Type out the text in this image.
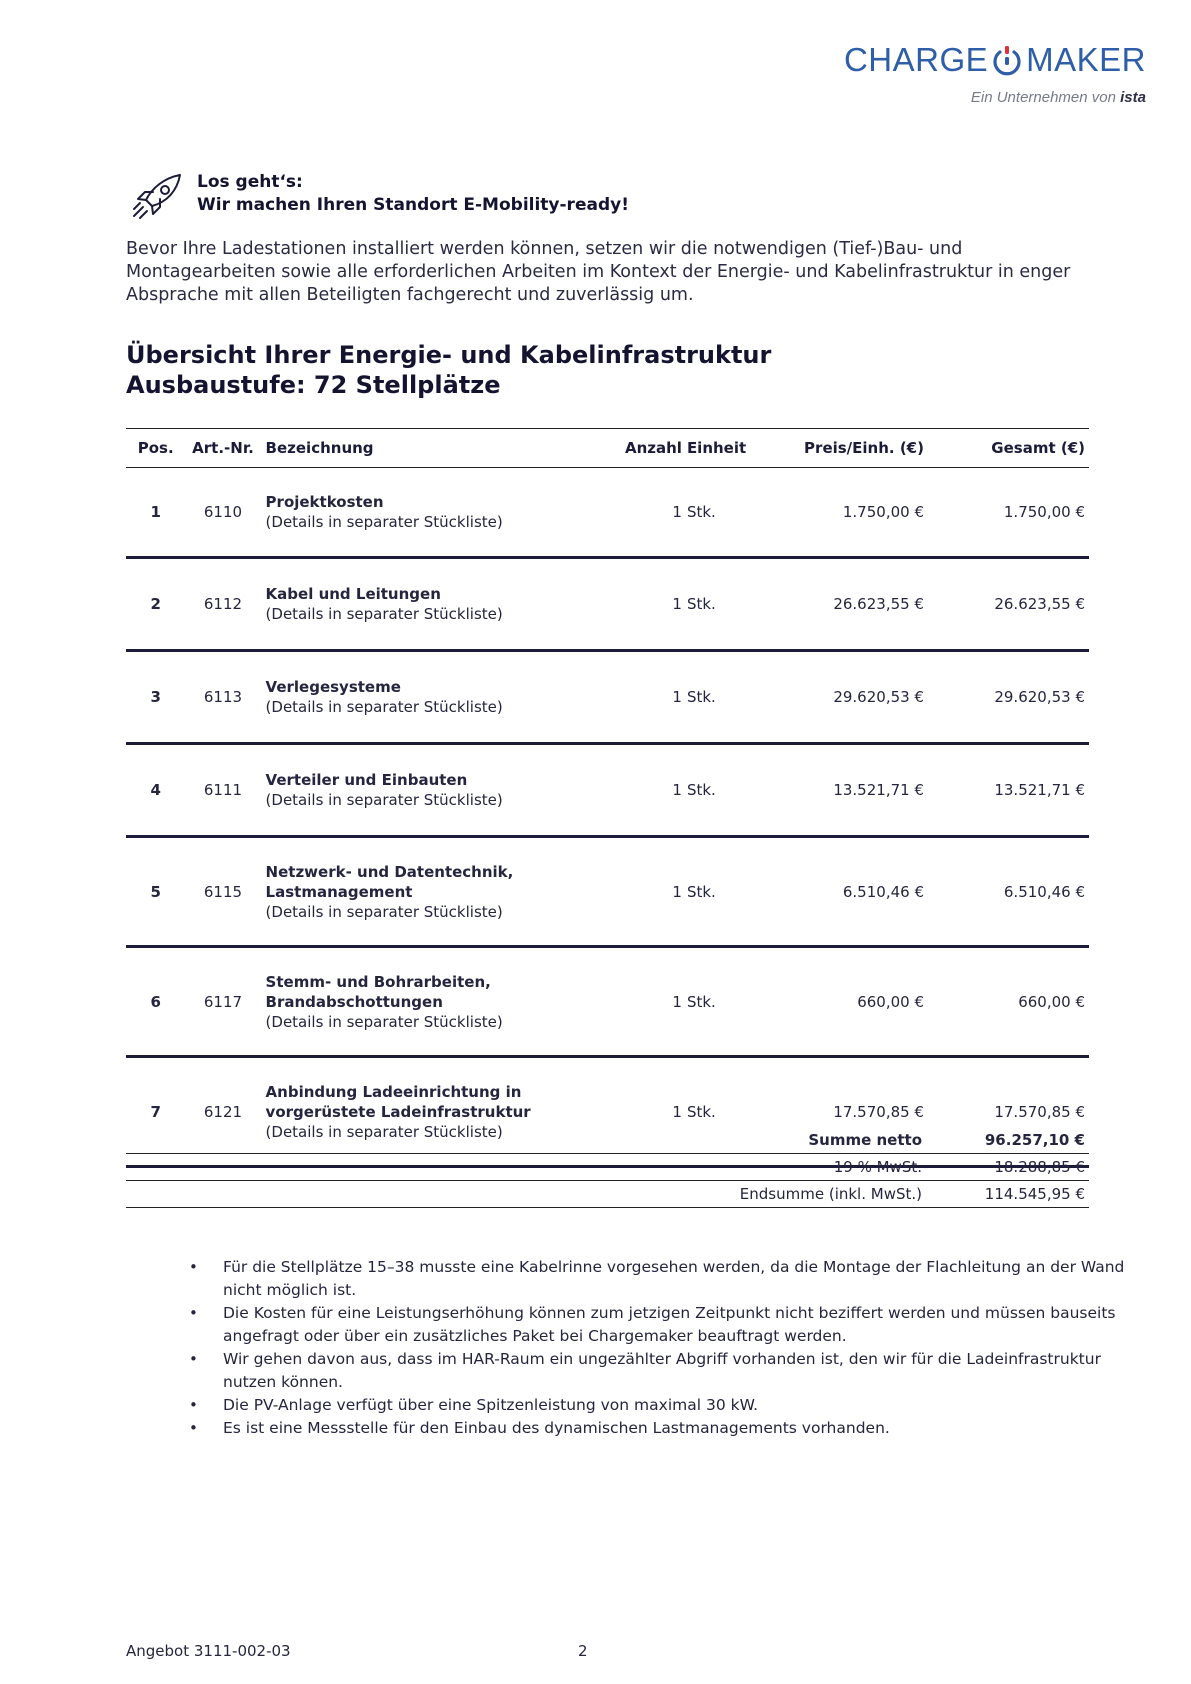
CHARGE MAKER
Ein Unternehmen von ista
Los geht‘s:
Wir machen Ihren Standort E-Mobility-ready!
Bevor Ihre Ladestationen installiert werden können, setzen wir die notwendigen (Tief-)Bau- und Montagearbeiten sowie alle erforderlichen Arbeiten im Kontext der Energie- und Kabelinfrastruktur in enger Absprache mit allen Beteiligten fachgerecht und zuverlässig um.
Übersicht Ihrer Energie- und Kabelinfrastruktur
Ausbaustufe: 72 Stellplätze
Pos.	Art.-Nr.	Bezeichnung	Anzahl	Einheit	Preis/Einh. (€)	Gesamt (€)
1	6110	Projektkosten
(Details in separater Stückliste)	1	Stk.	1.750,00 €	1.750,00 €
2	6112	Kabel und Leitungen
(Details in separater Stückliste)	1	Stk.	26.623,55 €	26.623,55 €
3	6113	Verlegesysteme
(Details in separater Stückliste)	1	Stk.	29.620,53 €	29.620,53 €
4	6111	Verteiler und Einbauten
(Details in separater Stückliste)	1	Stk.	13.521,71 €	13.521,71 €
5	6115	Netzwerk- und Datentechnik,
Lastmanagement
(Details in separater Stückliste)	1	Stk.	6.510,46 €	6.510,46 €
6	6117	Stemm- und Bohrarbeiten,
Brandabschottungen
(Details in separater Stückliste)	1	Stk.	660,00 €	660,00 €
7	6121	Anbindung Ladeeinrichtung in
vorgerüstete Ladeinfrastruktur
(Details in separater Stückliste)	1	Stk.	17.570,85 €	17.570,85 €
Summe netto	96.257,10 €
19 % MwSt.	18.288,85 €
Endsumme (inkl. MwSt.)	114.545,95 €
• Für die Stellplätze 15–38 musste eine Kabelrinne vorgesehen werden, da die Montage der Flachleitung an der Wand nicht möglich ist.
• Die Kosten für eine Leistungserhöhung können zum jetzigen Zeitpunkt nicht beziffert werden und müssen bauseits angefragt oder über ein zusätzliches Paket bei Chargemaker beauftragt werden.
• Wir gehen davon aus, dass im HAR-Raum ein ungezählter Abgriff vorhanden ist, den wir für die Ladeinfrastruktur nutzen können.
• Die PV-Anlage verfügt über eine Spitzenleistung von maximal 30 kW.
• Es ist eine Messstelle für den Einbau des dynamischen Lastmanagements vorhanden.
Angebot 3111-002-03	2
